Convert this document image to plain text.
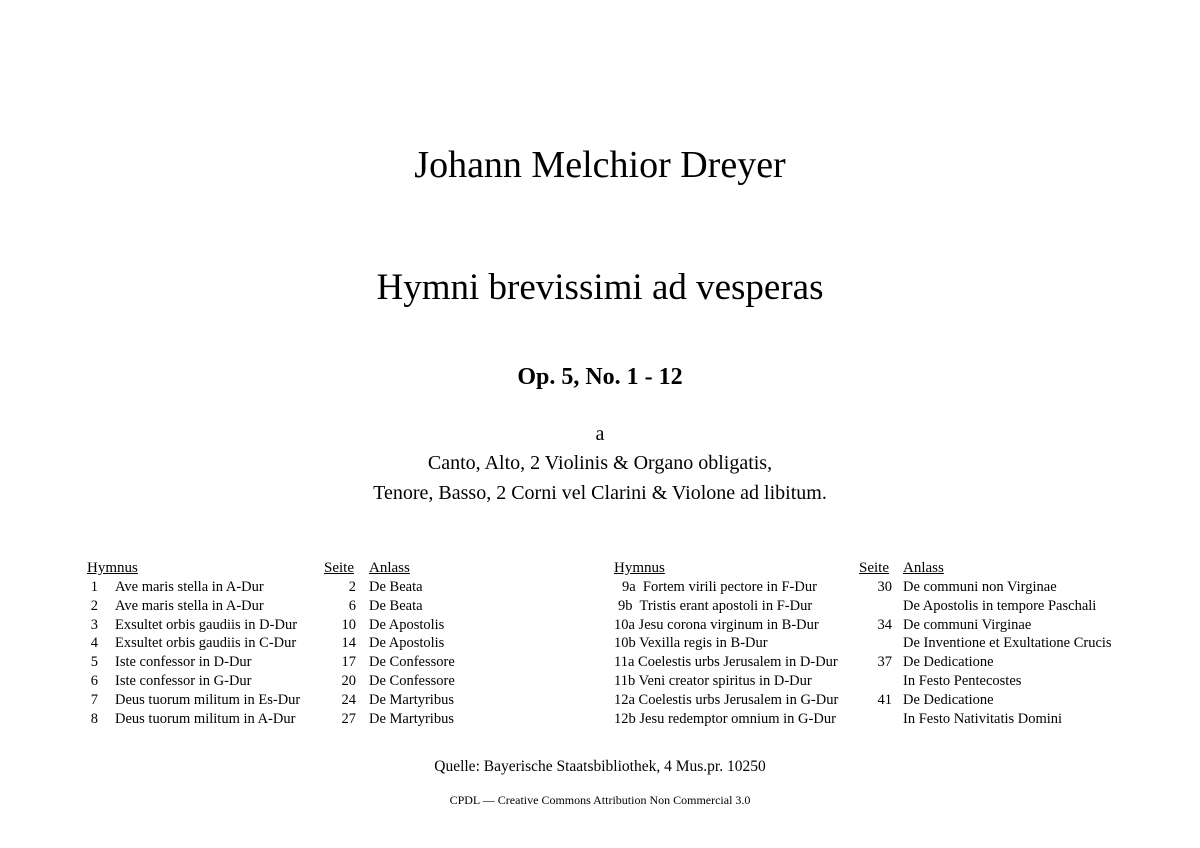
Johann Melchior Dreyer
Hymni brevissimi ad vesperas
Op. 5, No. 1 - 12
a
Canto, Alto, 2 Violinis & Organo obligatis,
Tenore, Basso, 2 Corni vel Clarini & Violone ad libitum.
Hymnus	Seite Anlass	Hymnus	Seite Anlass
1 Ave maris stella in A-Dur	2 De Beata
2 Ave maris stella in A-Dur	6 De Beata
3 Exsultet orbis gaudiis in D-Dur	10 De Apostolis
4 Exsultet orbis gaudiis in C-Dur	14 De Apostolis
5 Iste confessor in D-Dur	17 De Confessore
6 Iste confessor in G-Dur	20 De Confessore
7 Deus tuorum militum in Es-Dur	24 De Martyribus
8 Deus tuorum militum in A-Dur	27 De Martyribus
9a  Fortem virili pectore in F-Dur	30 De communi non Virginae
9b  Tristis erant apostoli in F-Dur	De Apostolis in tempore Paschali
10a Jesu corona virginum in B-Dur	34 De communi Virginae
10b Vexilla regis in B-Dur	De Inventione et Exultatione Crucis
11a Coelestis urbs Jerusalem in D-Dur	37 De Dedicatione
11b Veni creator spiritus in D-Dur	In Festo Pentecostes
12a Coelestis urbs Jerusalem in G-Dur	41 De Dedicatione
12b Jesu redemptor omnium in G-Dur	In Festo Nativitatis Domini
Quelle: Bayerische Staatsbibliothek, 4 Mus.pr. 10250
CPDL — Creative Commons Attribution Non Commercial 3.0
